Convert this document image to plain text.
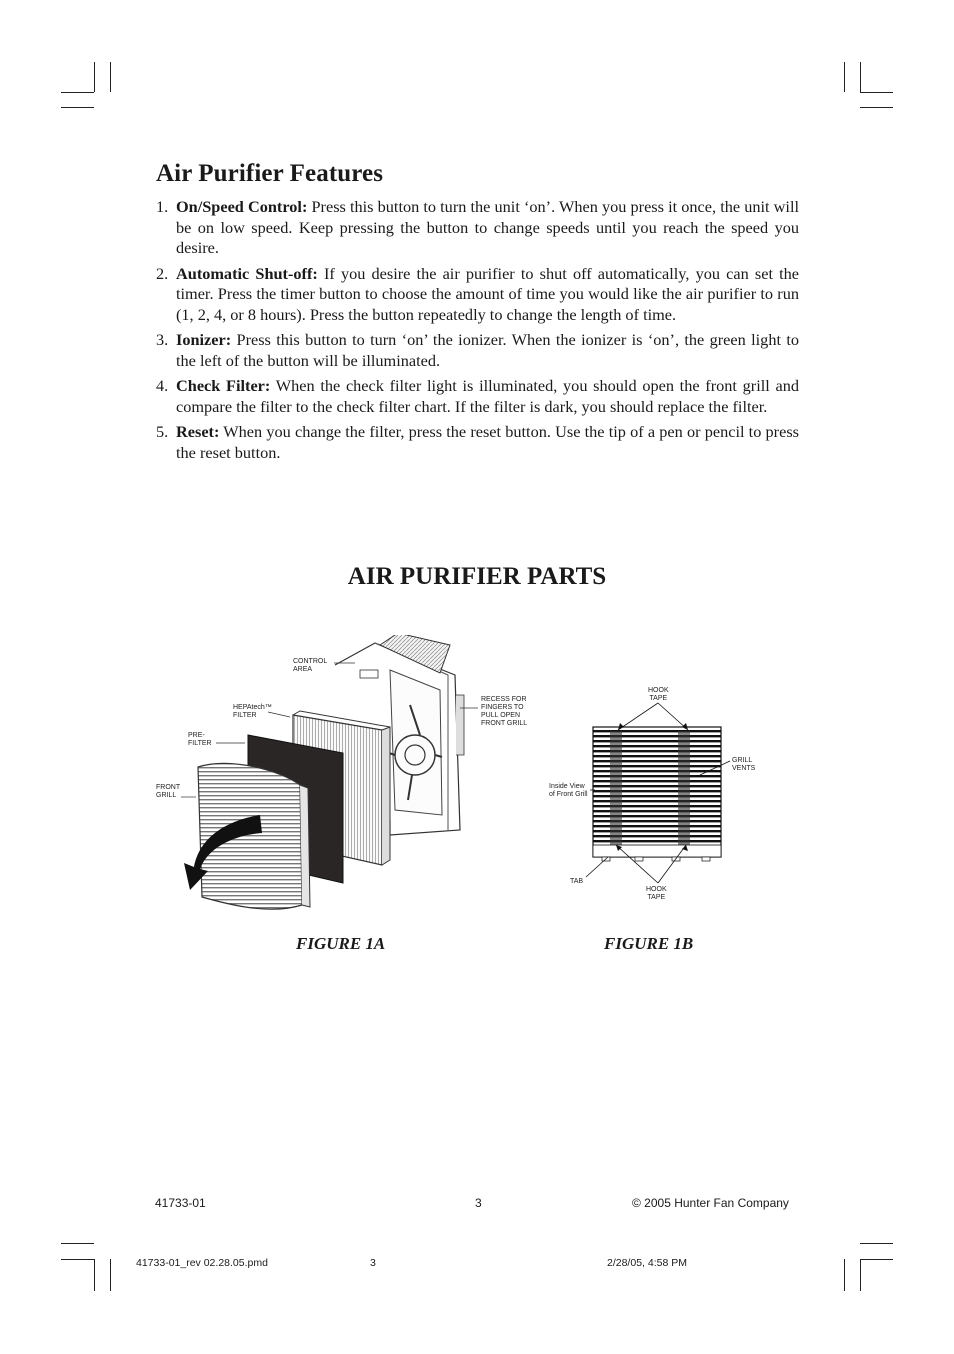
Air Purifier Features
1. On/Speed Control: Press this button to turn the unit ‘on’. When you press it once, the unit will be on low speed. Keep pressing the button to change speeds until you reach the speed you desire.
2. Automatic Shut-off: If you desire the air purifier to shut off automatically, you can set the timer. Press the timer button to choose the amount of time you would like the air purifier to run (1, 2, 4, or 8 hours). Press the button repeatedly to change the length of time.
3. Ionizer: Press this button to turn ‘on’ the ionizer. When the ionizer is ‘on’, the green light to the left of the button will be illuminated.
4. Check Filter: When the check filter light is illuminated, you should open the front grill and compare the filter to the check filter chart. If the filter is dark, you should replace the filter.
5. Reset: When you change the filter, press the reset button. Use the tip of a pen or pencil to press the reset button.
AIR PURIFIER PARTS
CONTROL
AREA
HEPAtech™
FILTER
PRE-
FILTER
FRONT
GRILL
RECESS FOR
FINGERS TO
PULL OPEN
FRONT GRILL
HOOK
TAPE
GRILL
VENTS
Inside View
of Front Grill
TAB
HOOK
TAPE
FIGURE 1A	FIGURE 1B
41733-01	3	© 2005 Hunter Fan Company
41733-01_rev 02.28.05.pmd	3	2/28/05, 4:58 PM
